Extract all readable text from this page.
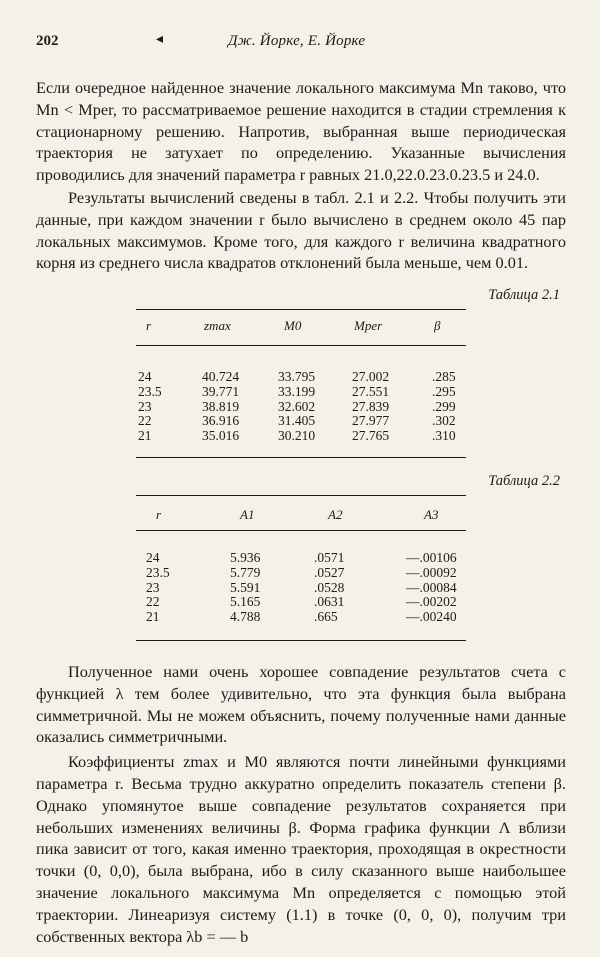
202	◂	Дж. Йорке, Е. Йорке

Если очередное найденное значение локального максимума Mn таково, что Mn < Mper, то рассматриваемое решение находится в стадии стремления к стационарному решению. Напротив, выбранная выше периодическая траектория не затухает по определению. Указанные вычисления проводились для значений параметра r равных 21.0,22.0.23.0.23.5 и 24.0.

Результаты вычислений сведены в табл. 2.1 и 2.2. Чтобы получить эти данные, при каждом значении r было вычислено в среднем около 45 пар локальных максимумов. Кроме того, для каждого r величина квадратного корня из среднего числа квадратов отклонений была меньше, чем 0.01.

Таблица 2.1
r	zmax	M0	Mper	β
24	40.724	33.795	27.002	.285
23.5	39.771	33.199	27.551	.295
23	38.819	32.602	27.839	.299
22	36.916	31.405	27.977	.302
21	35.016	30.210	27.765	.310
Таблица 2.2
r	A1	A2	A3
24	5.936	.0571	—.00106
23.5	5.779	.0527	—.00092
23	5.591	.0528	—.00084
22	5.165	.0631	—.00202
21	4.788	.665	—.00240

Полученное нами очень хорошее совпадение результатов счета с функцией λ тем более удивительно, что эта функция была выбрана симметричной. Мы не можем объяснить, почему полученные нами данные оказались симметричными.

Коэффициенты zmax и M0 являются почти линейными функциями параметра r. Весьма трудно аккуратно определить показатель степени β. Однако упомянутое выше совпадение результатов сохраняется при небольших изменениях величины β. Форма графика функции Λ вблизи пика зависит от того, какая именно траектория, проходящая в окрестности точки (0, 0,0), была выбрана, ибо в силу сказанного выше наибольшее значение локального максимума Mn определяется с помощью этой траектории. Линеаризуя систему (1.1) в точке (0, 0, 0), получим три собственных вектора λb = — b
